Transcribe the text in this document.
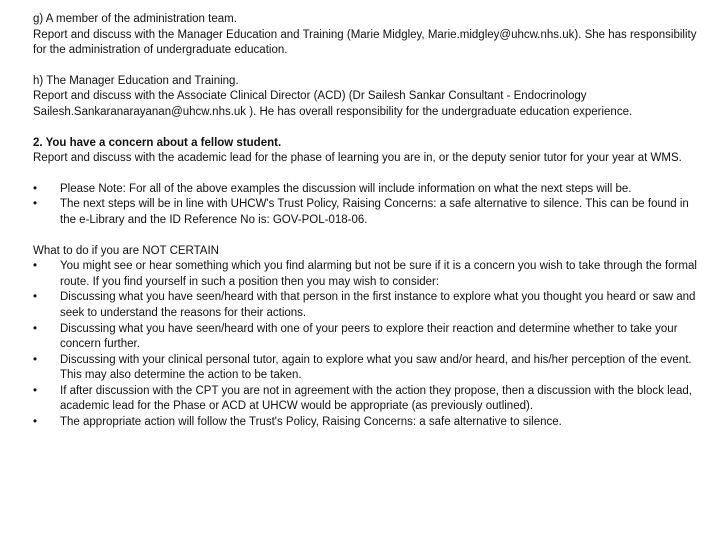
g) A member of the administration team.

Report and discuss with the Manager Education and Training (Marie Midgley, Marie.midgley@uhcw.nhs.uk). She has responsibility for the administration of undergraduate education.

h) The Manager Education and Training.

Report and discuss with the Associate Clinical Director (ACD) (Dr Sailesh Sankar Consultant - Endocrinology Sailesh.Sankaranarayanan@uhcw.nhs.uk ). He has overall responsibility for the undergraduate education experience.

2. You have a concern about a fellow student.

Report and discuss with the academic lead for the phase of learning you are in, or the deputy senior tutor for your year at WMS.

•	Please Note: For all of the above examples the discussion will include information on what the next steps will be.
•	The next steps will be in line with UHCW's Trust Policy, Raising Concerns: a safe alternative to silence. This can be found in the e-Library and the ID Reference No is: GOV-POL-018-06.

What to do if you are NOT CERTAIN

•	You might see or hear something which you find alarming but not be sure if it is a concern you wish to take through the formal route. If you find yourself in such a position then you may wish to consider:
•	Discussing what you have seen/heard with that person in the first instance to explore what you thought you heard or saw and seek to understand the reasons for their actions.
•	Discussing what you have seen/heard with one of your peers to explore their reaction and determine whether to take your concern further.
•	Discussing with your clinical personal tutor, again to explore what you saw and/or heard, and his/her perception of the event. This may also determine the action to be taken.
•	If after discussion with the CPT you are not in agreement with the action they propose, then a discussion with the block lead, academic lead for the Phase or ACD at UHCW would be appropriate (as previously outlined).
•	The appropriate action will follow the Trust's Policy, Raising Concerns: a safe alternative to silence.
